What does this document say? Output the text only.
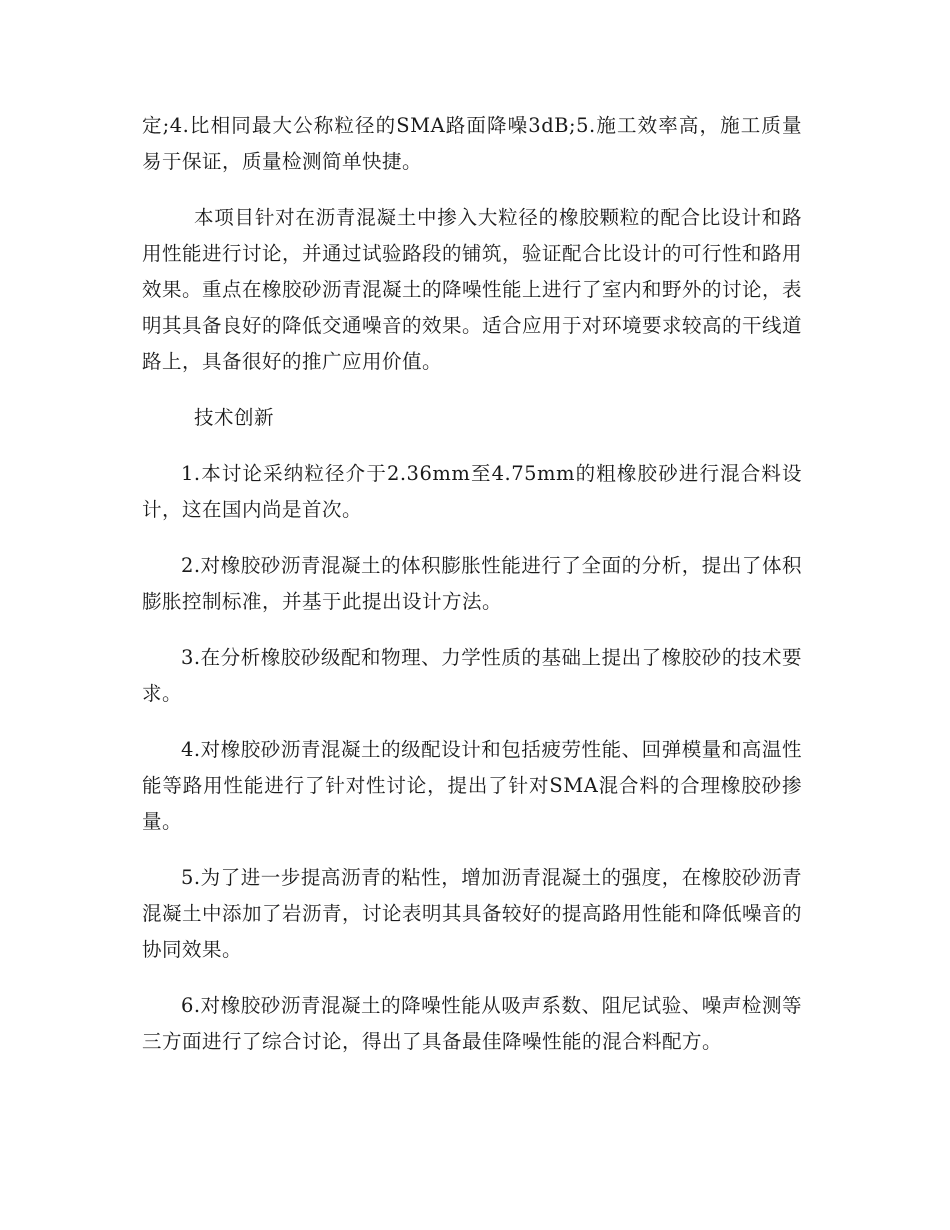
定;4.比相同最大公称粒径的SMA路面降噪3dB;5.施工效率高，施工质量易于保证，质量检测简单快捷。

本项目针对在沥青混凝土中掺入大粒径的橡胶颗粒的配合比设计和路用性能进行讨论，并通过试验路段的铺筑，验证配合比设计的可行性和路用效果。重点在橡胶砂沥青混凝土的降噪性能上进行了室内和野外的讨论，表明其具备良好的降低交通噪音的效果。适合应用于对环境要求较高的干线道路上，具备很好的推广应用价值。

技术创新

1.本讨论采纳粒径介于2.36mm至4.75mm的粗橡胶砂进行混合料设计，这在国内尚是首次。

2.对橡胶砂沥青混凝土的体积膨胀性能进行了全面的分析，提出了体积膨胀控制标准，并基于此提出设计方法。

3.在分析橡胶砂级配和物理、力学性质的基础上提出了橡胶砂的技术要求。

4.对橡胶砂沥青混凝土的级配设计和包括疲劳性能、回弹模量和高温性能等路用性能进行了针对性讨论，提出了针对SMA混合料的合理橡胶砂掺量。

5.为了进一步提高沥青的粘性，增加沥青混凝土的强度，在橡胶砂沥青混凝土中添加了岩沥青，讨论表明其具备较好的提高路用性能和降低噪音的协同效果。

6.对橡胶砂沥青混凝土的降噪性能从吸声系数、阻尼试验、噪声检测等三方面进行了综合讨论，得出了具备最佳降噪性能的混合料配方。
